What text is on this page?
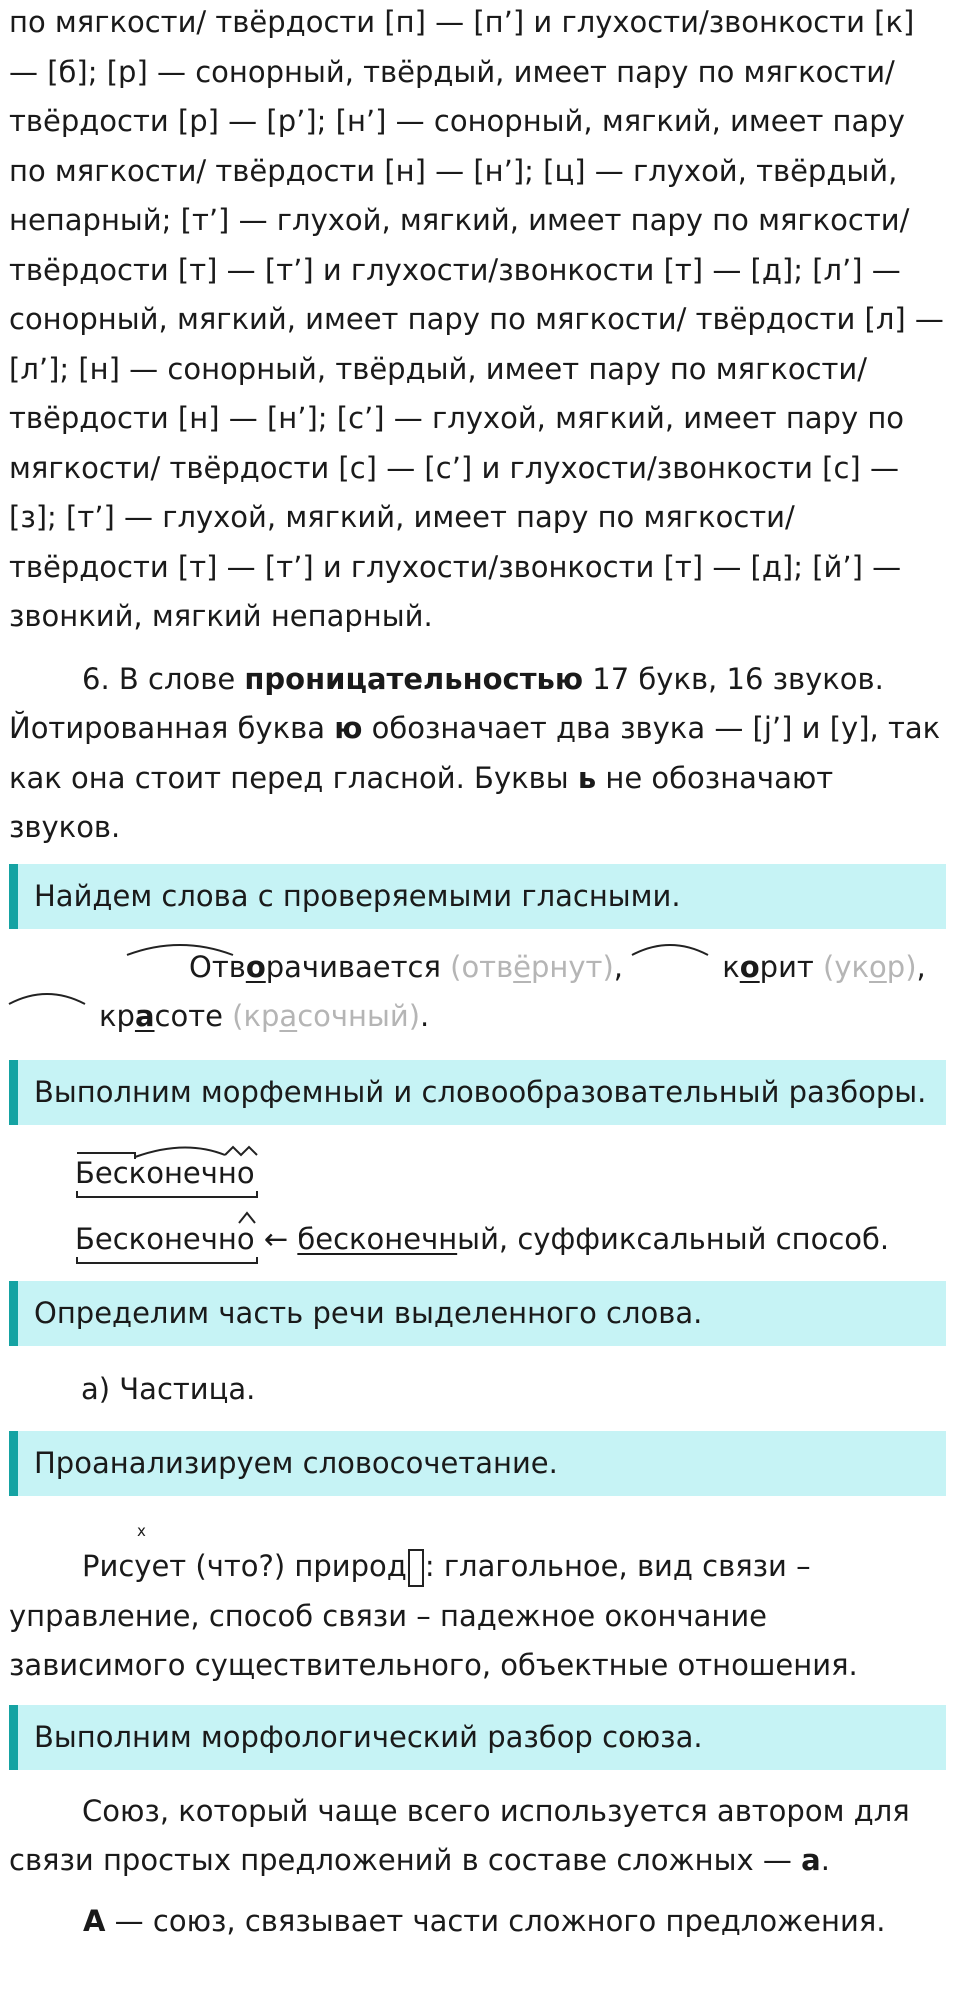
по мягкости/ твёрдости [п] — [п’] и глухости/звонкости [к] — [б]; [р] — сонорный, твёрдый, имеет пару по мягкости/ твёрдости [р] — [р’]; [н’] — сонорный, мягкий, имеет пару по мягкости/ твёрдости [н] — [н’]; [ц] — глухой, твёрдый, непарный; [т’] — глухой, мягкий, имеет пару по мягкости/ твёрдости [т] — [т’] и глухости/звонкости [т] — [д]; [л’] — сонорный, мягкий, имеет пару по мягкости/ твёрдости [л] — [л’]; [н] — сонорный, твёрдый, имеет пару по мягкости/ твёрдости [н] — [н’]; [с’] — глухой, мягкий, имеет пару по мягкости/ твёрдости [с] — [с’] и глухости/звонкости [с] — [з]; [т’] — глухой, мягкий, имеет пару по мягкости/ твёрдости [т] — [т’] и глухости/звонкости [т] — [д]; [й’] — звонкий, мягкий непарный.

6. В слове проницательностью 17 букв, 16 звуков. Йотированная буква ю обозначает два звука — [j’] и [у], так как она стоит перед гласной. Буквы ь не обозначают звуков.

Найдем слова с проверяемыми гласными.

Отворачивается (отвёрнут),	корит (укор), красоте (красочный).

Выполним морфемный и словообразовательный разборы.

Бесконечно

Бесконечно ← бесконечный, суффиксальный способ.

Определим часть речи выделенного слова.

а) Частица.

Проанализируем словосочетание.
х

Рисует (что?) природ : глагольное, вид связи – управление, способ связи – падежное окончание зависимого существительного, объектные отношения.

Выполним морфологический разбор союза.

Союз, который чаще всего используется автором для связи простых предложений в составе сложных — а.

А — союз, связывает части сложного предложения.
